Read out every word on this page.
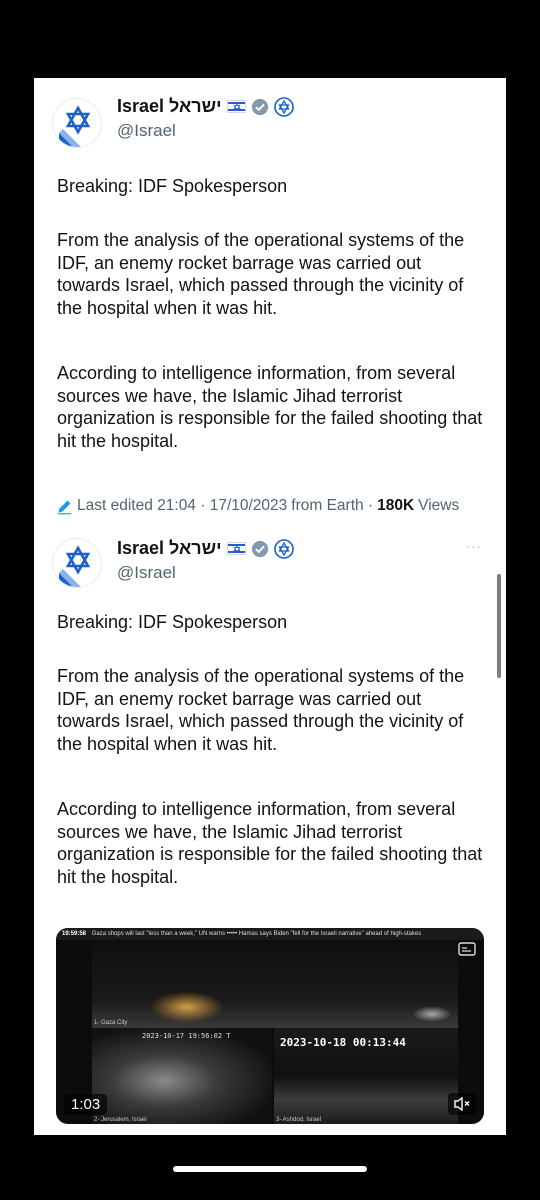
Israel ישראל
@Israel

Breaking: IDF Spokesperson

From the analysis of the operational systems of the IDF, an enemy rocket barrage was carried out towards Israel, which passed through the vicinity of the hospital when it was hit.

According to intelligence information, from several sources we have, the Islamic Jihad terrorist organization is responsible for the failed shooting that hit the hospital.

Last edited 21:04 · 17/10/2023 from Earth · 180K Views
Israel ישראל
@Israel
···

Breaking: IDF Spokesperson

From the analysis of the operational systems of the IDF, an enemy rocket barrage was carried out towards Israel, which passed through the vicinity of the hospital when it was hit.

According to intelligence information, from several sources we have, the Islamic Jihad terrorist organization is responsible for the failed shooting that hit the hospital.

19:59:58 Gaza shops will last "less than a week," UN warns ••••• Hamas says Biden "fell for the Israeli narrative" ahead of high-stakes
1- Gaza City
2023-10-17 19:56:02 T	2023-10-18 00:13:44
2- Jerusalem, Israel	3- Ashdod, Israel
1:03
